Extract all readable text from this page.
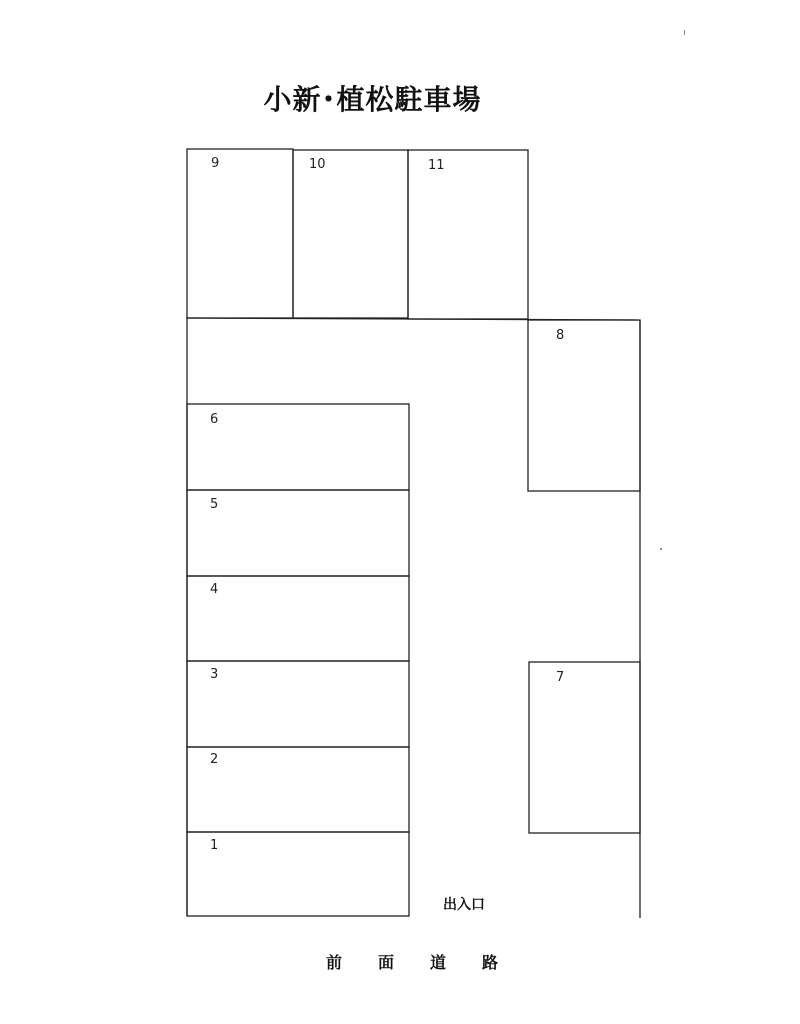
小新･植松駐車場
9	10	11
8
6
5
4
3	7
2
1
出入口
前面道路
